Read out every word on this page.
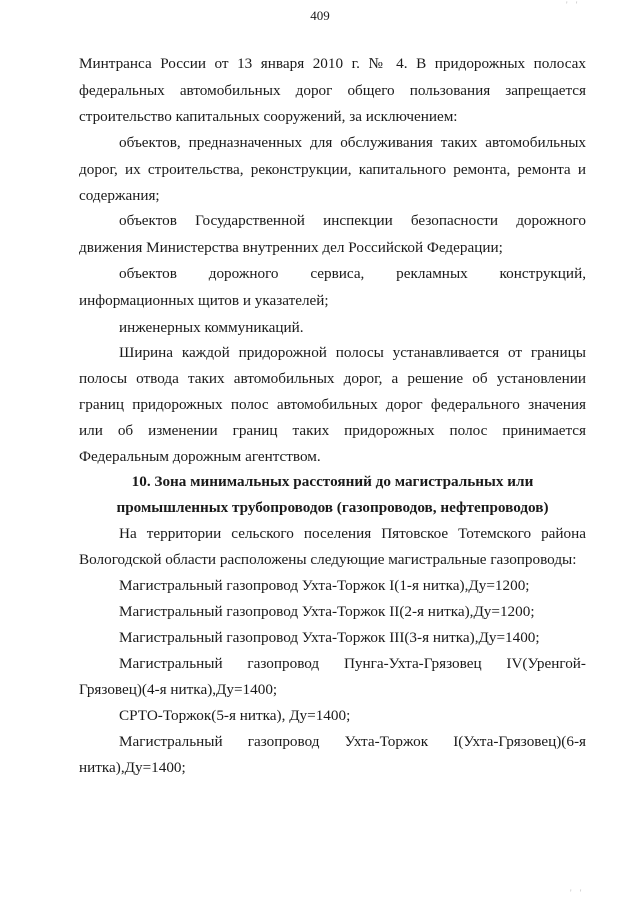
' '
409
Минтранса России от 13 января 2010 г. № 4. В придорожных полосах
федеральных автомобильных дорог общего пользования запрещается
строительство капитальных сооружений, за исключением:
объектов, предназначенных для обслуживания таких автомобильных
дорог, их строительства, реконструкции, капитального ремонта, ремонта и
содержания;
объектов Государственной инспекции безопасности дорожного
движения Министерства внутренних дел Российской Федерации;
объектов дорожного сервиса, рекламных конструкций,
информационных щитов и указателей;
инженерных коммуникаций.
Ширина каждой придорожной полосы устанавливается от границы
полосы отвода таких автомобильных дорог, а решение об установлении
границ придорожных полос автомобильных дорог федерального значения
или об изменении границ таких придорожных полос принимается
Федеральным дорожным агентством.
10. Зона минимальных расстояний до магистральных или
промышленных трубопроводов (газопроводов, нефтепроводов)
На территории сельского поселения Пятовское Тотемского района
Вологодской области расположены следующие магистральные газопроводы:
Магистральный газопровод Ухта-Торжок I(1-я нитка),Ду=1200;
Магистральный газопровод Ухта-Торжок II(2-я нитка),Ду=1200;
Магистральный газопровод Ухта-Торжок III(3-я нитка),Ду=1400;
Магистральный газопровод Пунга-Ухта-Грязовец IV(Уренгой-
Грязовец)(4-я нитка),Ду=1400;
СРТО-Торжок(5-я нитка), Ду=1400;
Магистральный газопровод Ухта-Торжок I(Ухта-Грязовец)(6-я
нитка),Ду=1400;
' '
